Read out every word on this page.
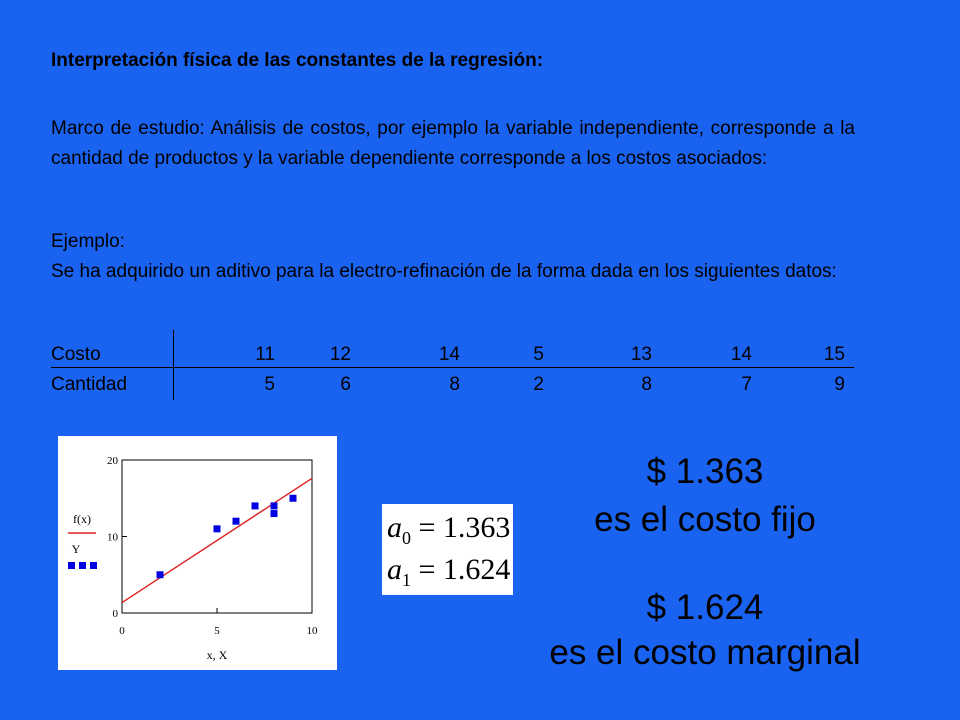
Interpretación física de las constantes de la regresión:
Marco de estudio: Análisis de costos, por ejemplo la variable independiente, corresponde a la cantidad de productos y la variable dependiente corresponde a los costos asociados:
Ejemplo:
Se ha adquirido un aditivo para la electro-refinación de la forma dada en los siguientes datos:
Costo	11	12	14	5	13	14	15
Cantidad	5	6	8	2	8	7	9
0	5	10
0
10
20
f(x)
Y
x, X
$a_0 = 1.363$
$a_1 = 1.624$
$ 1.363
es el costo fijo
$ 1.624
es el costo marginal
